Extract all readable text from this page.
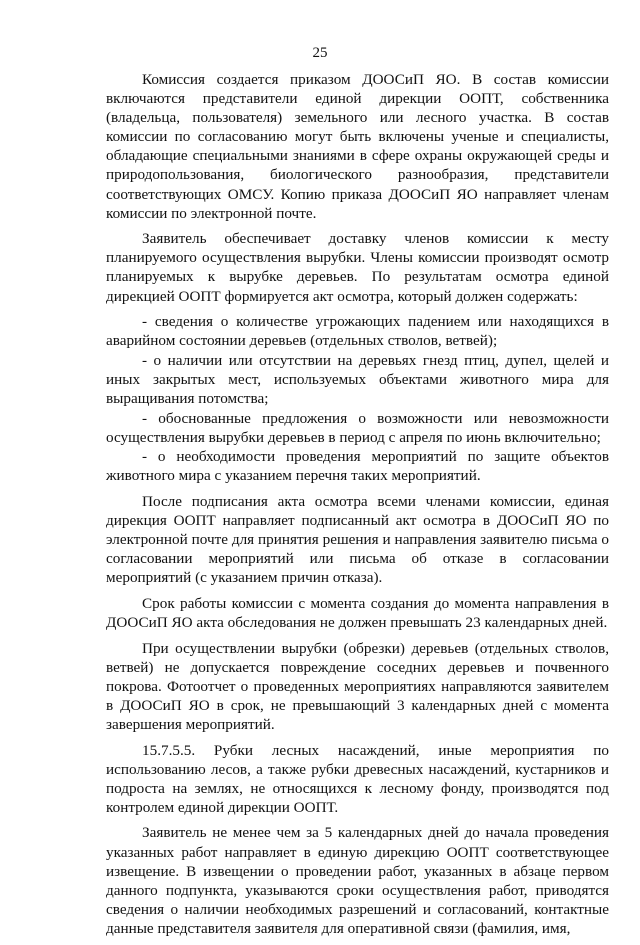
25

Комиссия создается приказом ДООСиП ЯО. В состав комиссии включаются представители единой дирекции ООПТ, собственника (владельца, пользователя) земельного или лесного участка. В состав комиссии по согласованию могут быть включены ученые и специалисты, обладающие специальными знаниями в сфере охраны окружающей среды и природопользования, биологического разнообразия, представители соответствующих ОМСУ. Копию приказа ДООСиП ЯО направляет членам комиссии по электронной почте.

Заявитель обеспечивает доставку членов комиссии к месту планируемого осуществления вырубки. Члены комиссии производят осмотр планируемых к вырубке деревьев. По результатам осмотра единой дирекцией ООПТ формируется акт осмотра, который должен содержать:

- сведения о количестве угрожающих падением или находящихся в аварийном состоянии деревьев (отдельных стволов, ветвей);

- о наличии или отсутствии на деревьях гнезд птиц, дупел, щелей и иных закрытых мест, используемых объектами животного мира для выращивания потомства;

- обоснованные предложения о возможности или невозможности осуществления вырубки деревьев в период с апреля по июнь включительно;

- о необходимости проведения мероприятий по защите объектов животного мира с указанием перечня таких мероприятий.

После подписания акта осмотра всеми членами комиссии, единая дирекция ООПТ направляет подписанный акт осмотра в ДООСиП ЯО по электронной почте для принятия решения и направления заявителю письма о согласовании мероприятий или письма об отказе в согласовании мероприятий (с указанием причин отказа).

Срок работы комиссии с момента создания до момента направления в ДООСиП ЯО акта обследования не должен превышать 23 календарных дней.

При осуществлении вырубки (обрезки) деревьев (отдельных стволов, ветвей) не допускается повреждение соседних деревьев и почвенного покрова. Фотоотчет о проведенных мероприятиях направляются заявителем в ДООСиП ЯО в срок, не превышающий 3 календарных дней с момента завершения мероприятий.

15.7.5.5. Рубки лесных насаждений, иные мероприятия по использованию лесов, а также рубки древесных насаждений, кустарников и подроста на землях, не относящихся к лесному фонду, производятся под контролем единой дирекции ООПТ.

Заявитель не менее чем за 5 календарных дней до начала проведения указанных работ направляет в единую дирекцию ООПТ соответствующее извещение. В извещении о проведении работ, указанных в абзаце первом данного подпункта, указываются сроки осуществления работ, приводятся сведения о наличии необходимых разрешений и согласований, контактные данные представителя заявителя для оперативной связи (фамилия, имя,
